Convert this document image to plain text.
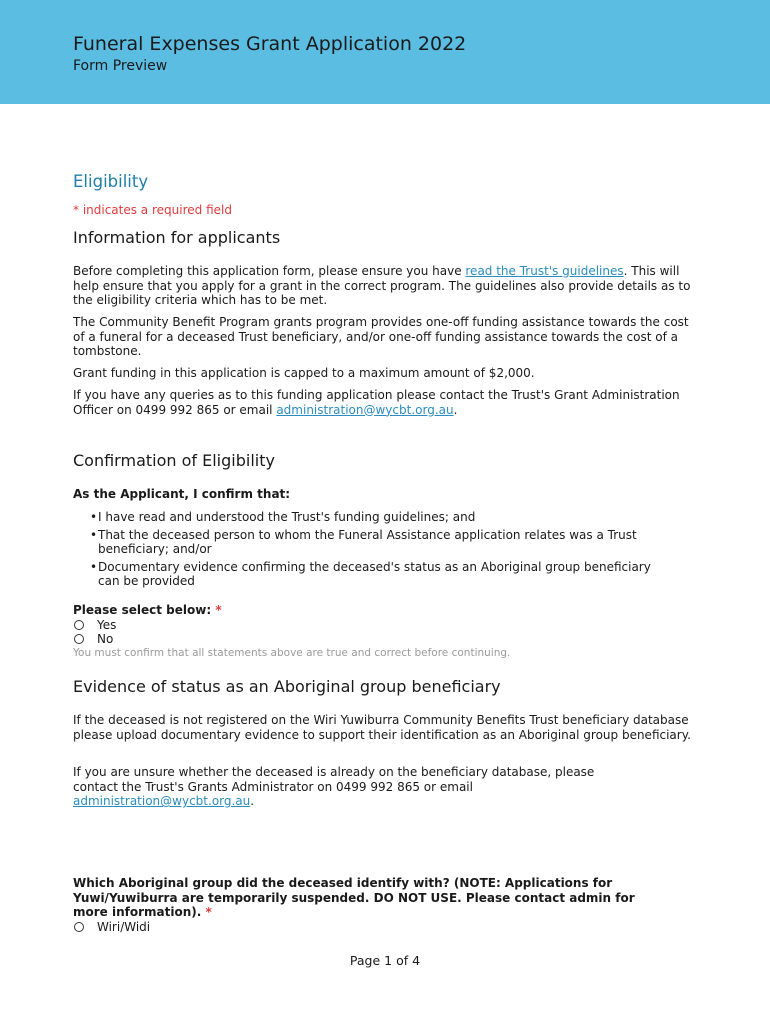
Funeral Expenses Grant Application 2022
Form Preview
Eligibility
* indicates a required field
Information for applicants
Before completing this application form, please ensure you have read the Trust's guidelines. This will help ensure that you apply for a grant in the correct program. The guidelines also provide details as to the eligibility criteria which has to be met.
The Community Benefit Program grants program provides one-off funding assistance towards the cost of a funeral for a deceased Trust beneficiary, and/or one-off funding assistance towards the cost of a tombstone.
Grant funding in this application is capped to a maximum amount of $2,000.
If you have any queries as to this funding application please contact the Trust's Grant Administration Officer on 0499 992 865 or email administration@wycbt.org.au.
Confirmation of Eligibility
As the Applicant, I confirm that:
• I have read and understood the Trust's funding guidelines; and
• That the deceased person to whom the Funeral Assistance application relates was a Trust beneficiary; and/or
• Documentary evidence confirming the deceased's status as an Aboriginal group beneficiary can be provided
Please select below: *
Yes
No
You must confirm that all statements above are true and correct before continuing.
Evidence of status as an Aboriginal group beneficiary
If the deceased is not registered on the Wiri Yuwiburra Community Benefits Trust beneficiary database please upload documentary evidence to support their identification as an Aboriginal group beneficiary.
If you are unsure whether the deceased is already on the beneficiary database, please contact the Trust's Grants Administrator on 0499 992 865 or email administration@wycbt.org.au.
Which Aboriginal group did the deceased identify with? (NOTE: Applications for Yuwi/Yuwiburra are temporarily suspended. DO NOT USE. Please contact admin for more information). *
Wiri/Widi
Page 1 of 4
